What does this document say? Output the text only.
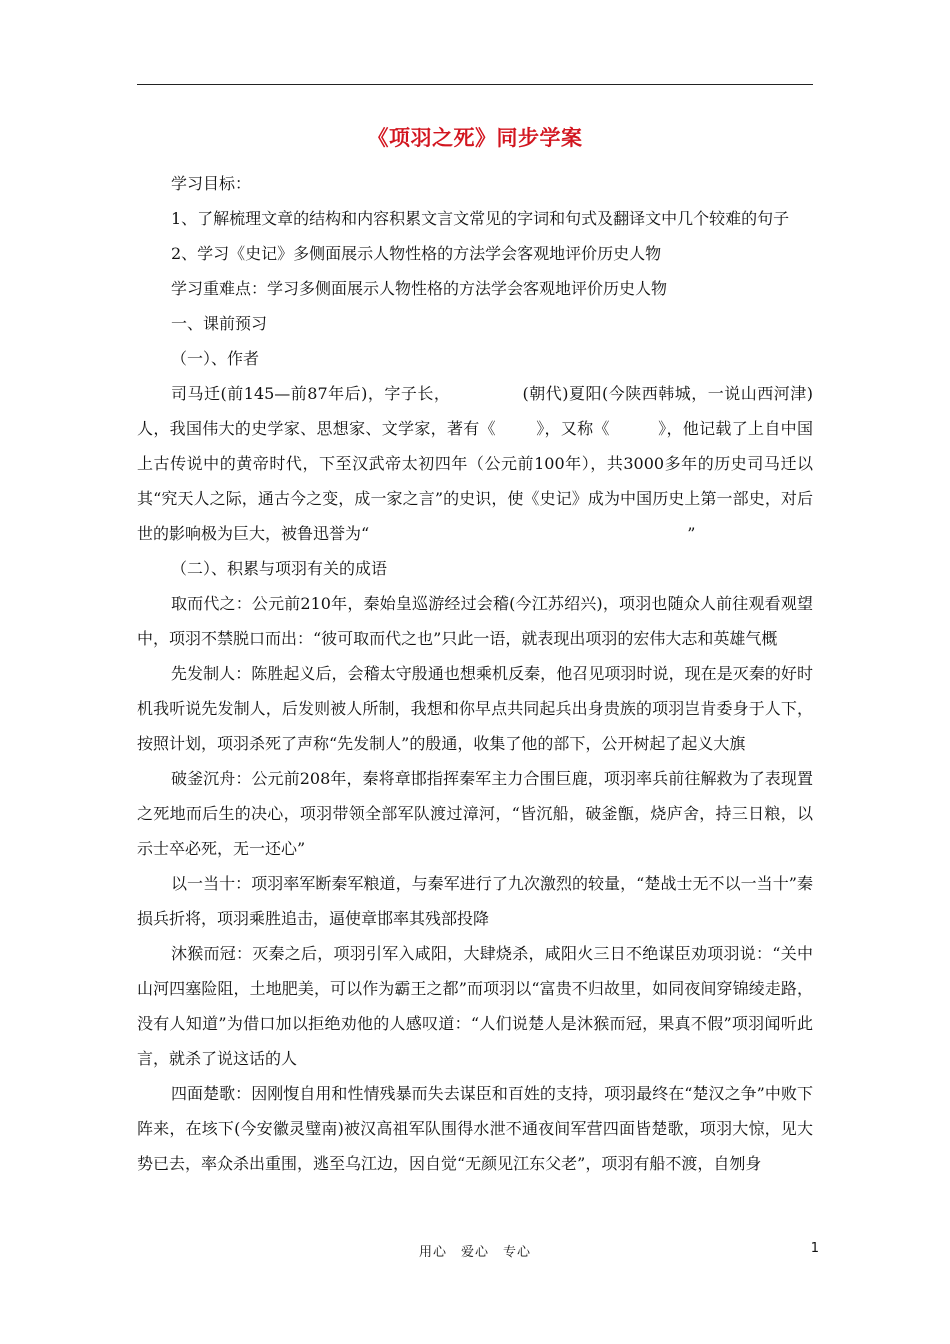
《项羽之死》同步学案

学习目标：

1、了解梳理文章的结构和内容积累文言文常见的字词和句式及翻译文中几个较难的句子

2、学习《史记》多侧面展示人物性格的方法学会客观地评价历史人物

学习重难点：学习多侧面展示人物性格的方法学会客观地评价历史人物

一、课前预习

（一）、作者

司马迁(前145—前87年后)，字子长，	(朝代)夏阳(今陕西韩城，一说山西河津)人，我国伟大的史学家、思想家、文学家，著有《	》，又称《	》，他记载了上自中国上古传说中的黄帝时代，下至汉武帝太初四年（公元前100年），共3000多年的历史司马迁以其“究天人之际，通古今之变，成一家之言”的史识，使《史记》成为中国历史上第一部史，对后世的影响极为巨大，被鲁迅誉为“	”

（二）、积累与项羽有关的成语

取而代之：公元前210年，秦始皇巡游经过会稽(今江苏绍兴)，项羽也随众人前往观看观望中，项羽不禁脱口而出：“彼可取而代之也”只此一语，就表现出项羽的宏伟大志和英雄气概

先发制人：陈胜起义后，会稽太守殷通也想乘机反秦，他召见项羽时说，现在是灭秦的好时机我听说先发制人，后发则被人所制，我想和你早点共同起兵出身贵族的项羽岂肯委身于人下，按照计划，项羽杀死了声称“先发制人”的殷通，收集了他的部下，公开树起了起义大旗

破釜沉舟：公元前208年，秦将章邯指挥秦军主力合围巨鹿，项羽率兵前往解救为了表现置之死地而后生的决心，项羽带领全部军队渡过漳河，“皆沉船，破釜甑，烧庐舍，持三日粮，以示士卒必死，无一还心”

以一当十：项羽率军断秦军粮道，与秦军进行了九次激烈的较量，“楚战士无不以一当十”秦损兵折将，项羽乘胜追击，逼使章邯率其残部投降

沐猴而冠：灭秦之后，项羽引军入咸阳，大肆烧杀，咸阳火三日不绝谋臣劝项羽说：“关中山河四塞险阻，土地肥美，可以作为霸王之都”而项羽以“富贵不归故里，如同夜间穿锦绫走路，没有人知道”为借口加以拒绝劝他的人感叹道：“人们说楚人是沐猴而冠，果真不假”项羽闻听此言，就杀了说这话的人

四面楚歌：因刚愎自用和性情残暴而失去谋臣和百姓的支持，项羽最终在“楚汉之争”中败下阵来，在垓下(今安徽灵璧南)被汉高祖军队围得水泄不通夜间军营四面皆楚歌，项羽大惊，见大势已去，率众杀出重围，逃至乌江边，因自觉“无颜见江东父老”，项羽有船不渡，自刎身

用心　爱心　专心	1
